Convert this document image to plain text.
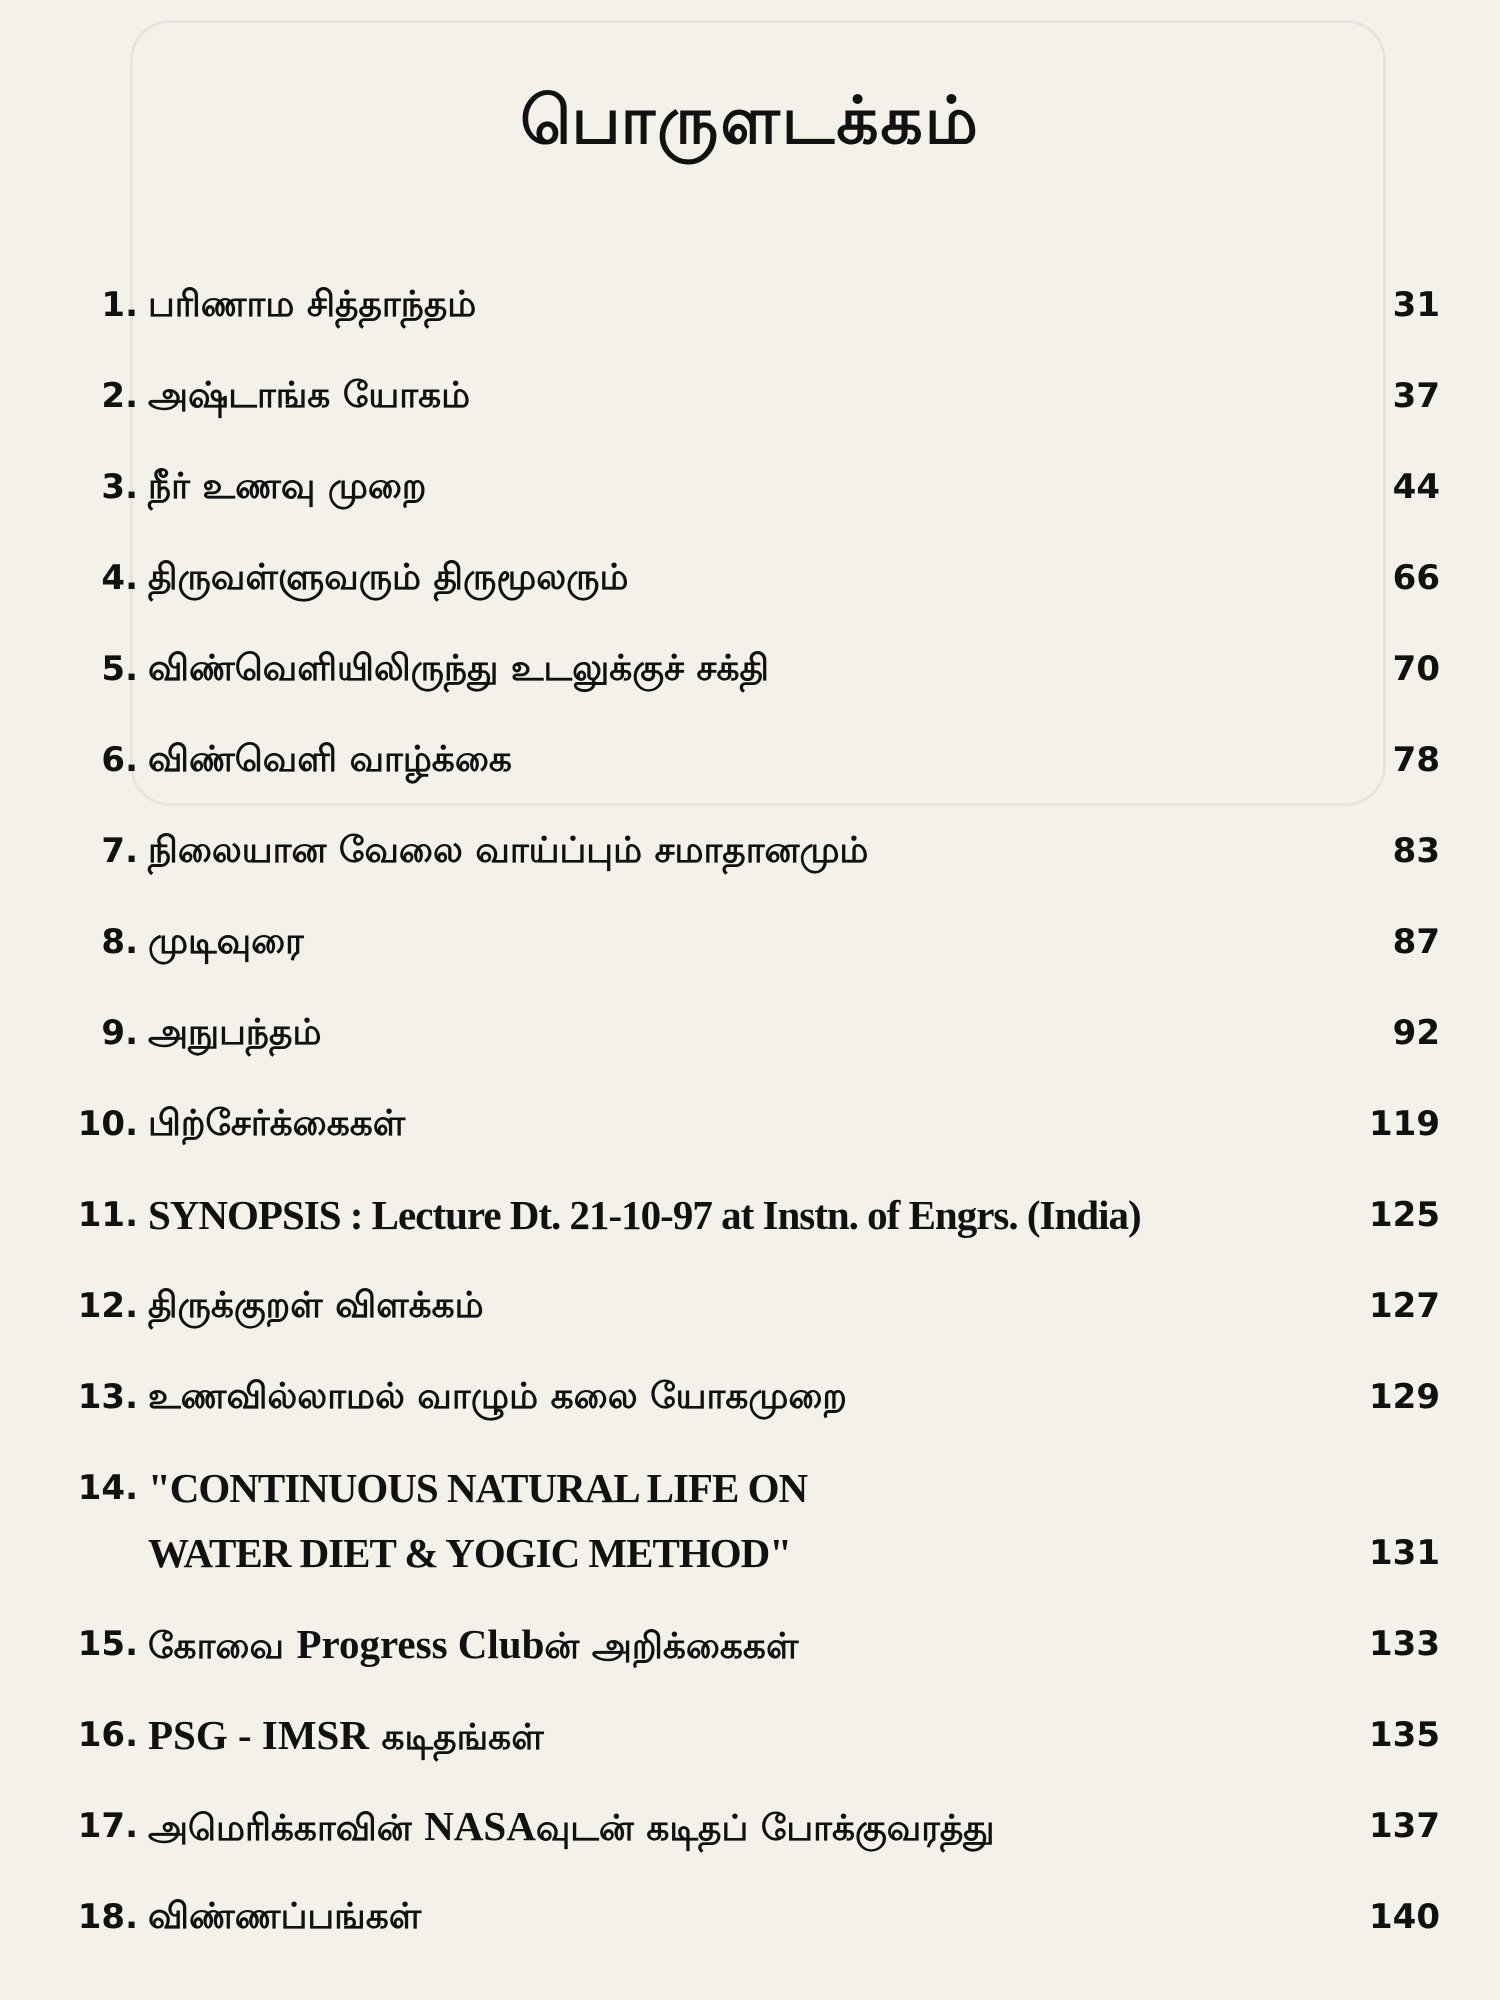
பொருளடக்கம்
1. பரிணாம சித்தாந்தம்	31
2. அஷ்டாங்க யோகம்	37
3. நீர் உணவு முறை	44
4. திருவள்ளுவரும் திருமூலரும்	66
5. விண்வெளியிலிருந்து உடலுக்குச் சக்தி	70
6. விண்வெளி வாழ்க்கை	78
7. நிலையான வேலை வாய்ப்பும் சமாதானமும்	83
8. முடிவுரை	87
9. அநுபந்தம்	92
10. பிற்சேர்க்கைகள்	119
11. SYNOPSIS : Lecture Dt. 21-10-97 at Instn. of Engrs. (India)	125
12. திருக்குறள் விளக்கம்	127
13. உணவில்லாமல் வாழும் கலை யோகமுறை	129
14. "CONTINUOUS NATURAL LIFE ON
WATER DIET & YOGIC METHOD"	131
15. கோவை Progress Clubன் அறிக்கைகள்	133
16. PSG - IMSR கடிதங்கள்	135
17. அமெரிக்காவின் NASAவுடன் கடிதப் போக்குவரத்து	137
18. விண்ணப்பங்கள்	140
